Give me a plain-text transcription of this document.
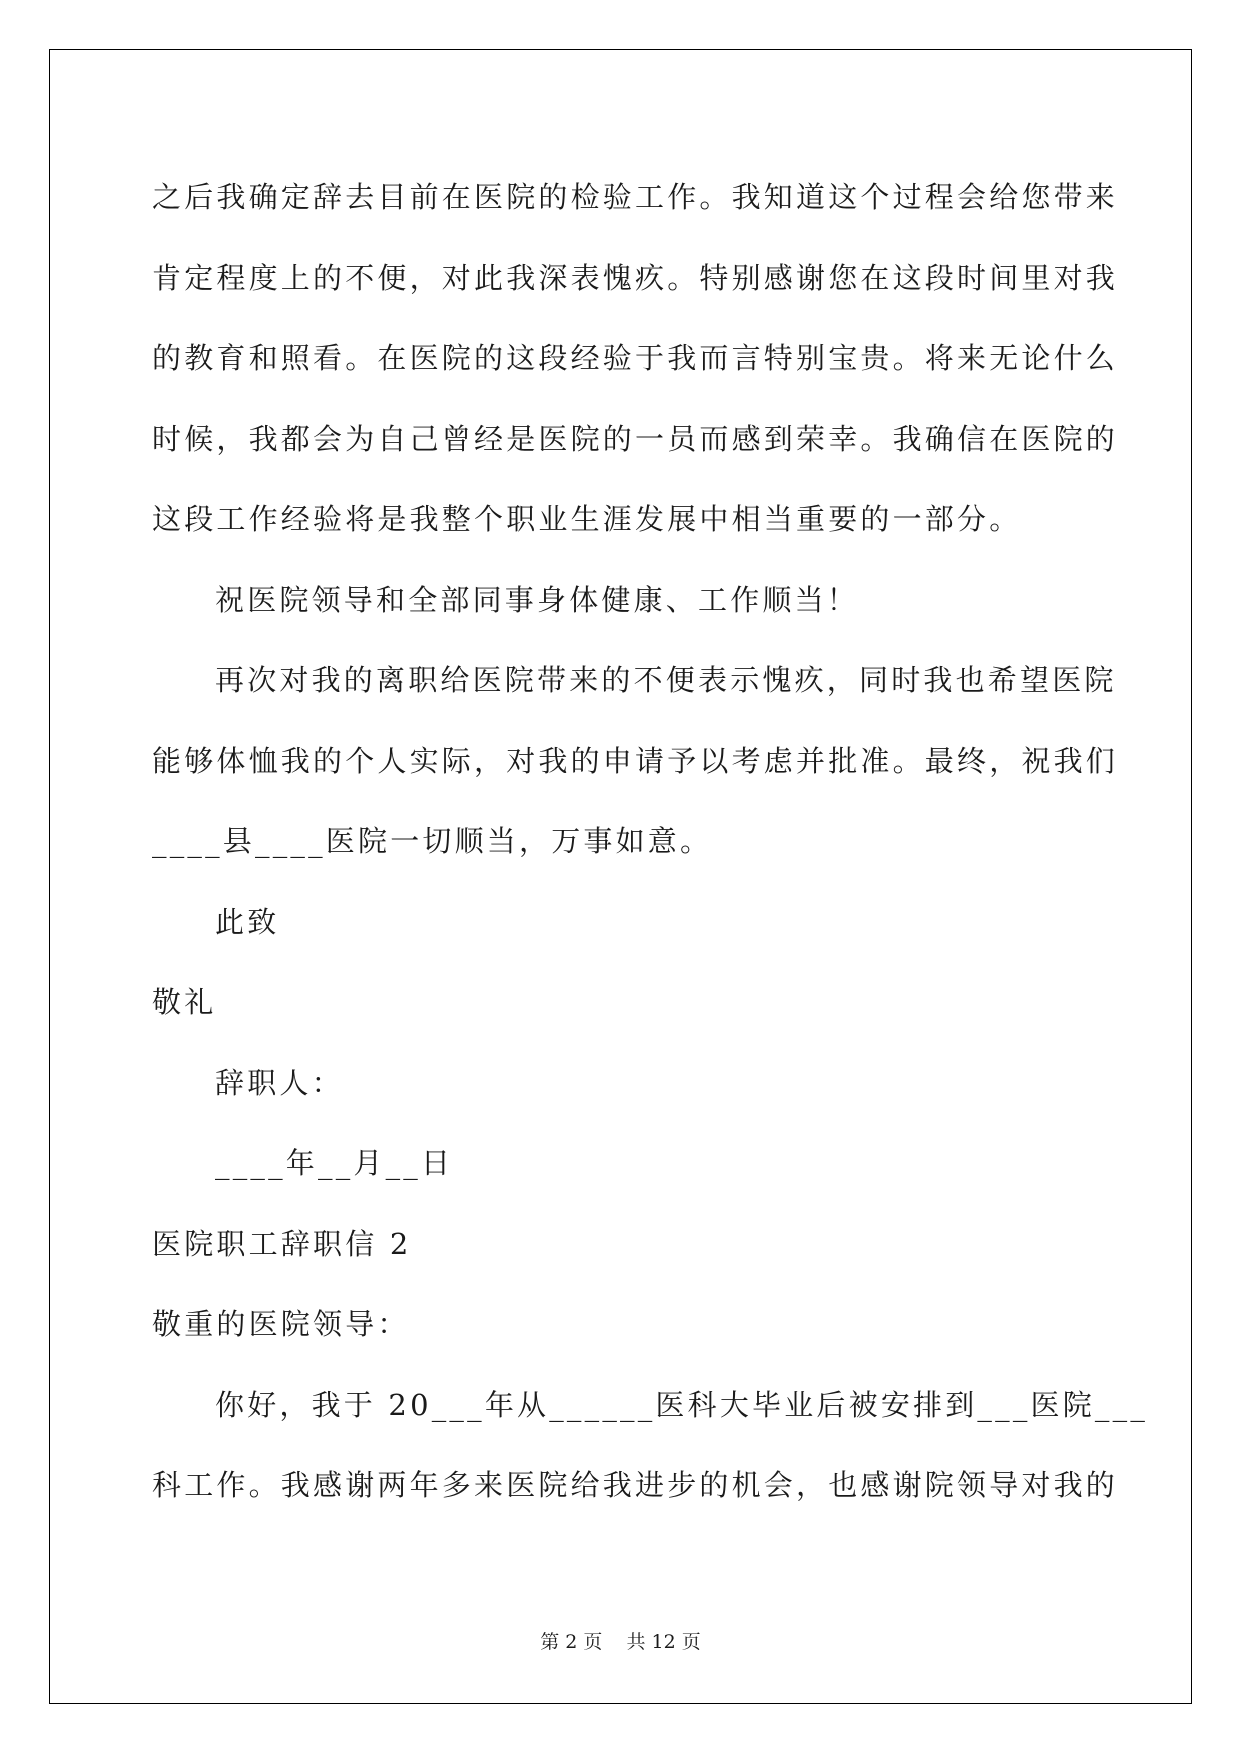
之后我确定辞去目前在医院的检验工作。我知道这个过程会给您带来
肯定程度上的不便，对此我深表愧疚。特别感谢您在这段时间里对我
的教育和照看。在医院的这段经验于我而言特别宝贵。将来无论什么
时候，我都会为自己曾经是医院的一员而感到荣幸。我确信在医院的
这段工作经验将是我整个职业生涯发展中相当重要的一部分。
祝医院领导和全部同事身体健康、工作顺当！
再次对我的离职给医院带来的不便表示愧疚，同时我也希望医院
能够体恤我的个人实际，对我的申请予以考虑并批准。最终，祝我们
____县____医院一切顺当，万事如意。
此致
敬礼
辞职人：
____年__月__日
医院职工辞职信 2
敬重的医院领导：
你好，我于 20___年从______医科大毕业后被安排到___医院___
科工作。我感谢两年多来医院给我进步的机会，也感谢院领导对我的
第 2 页 共 12 页
